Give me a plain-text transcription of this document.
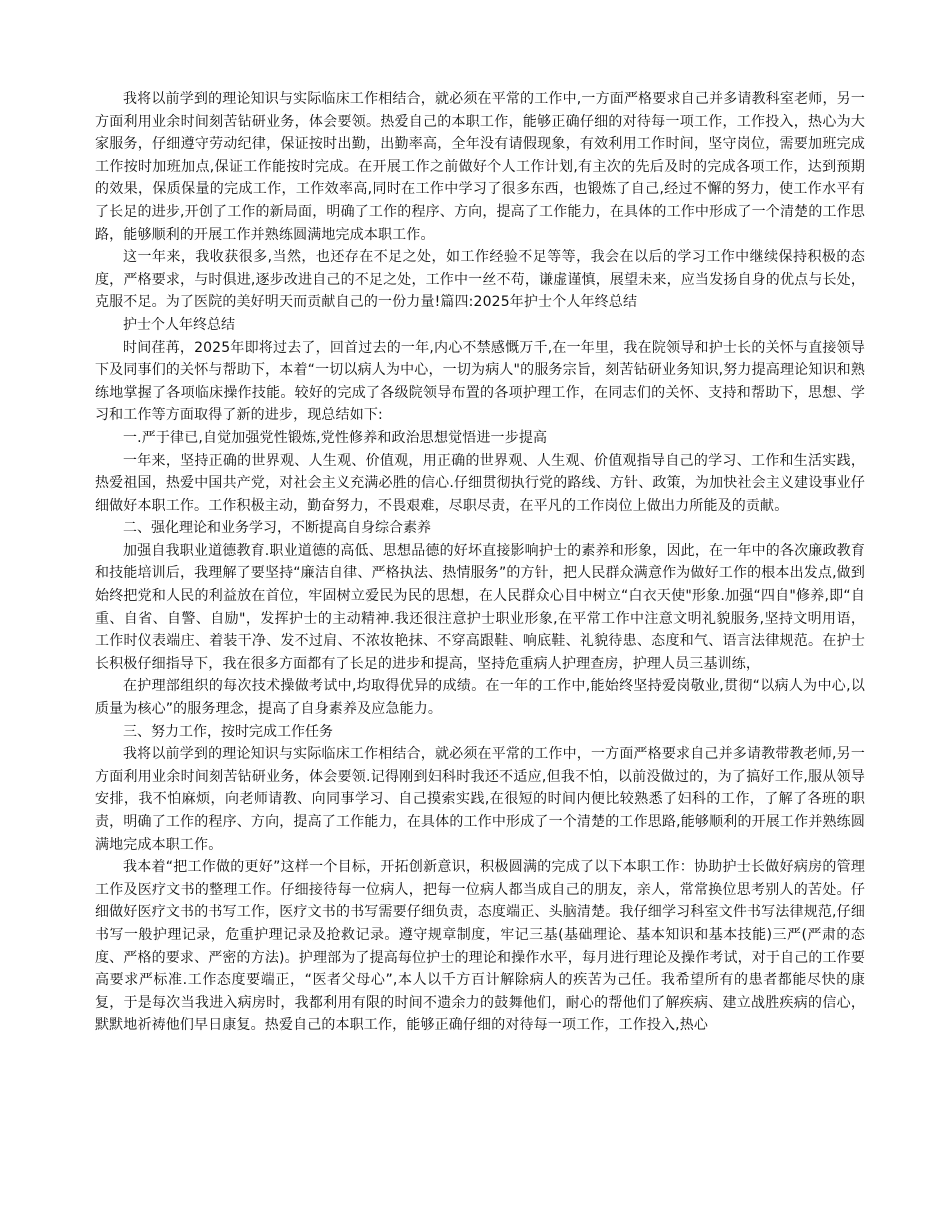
我将以前学到的理论知识与实际临床工作相结合，就必须在平常的工作中,一方面严格要求自己并多请教科室老师，另一方面利用业余时间刻苦钻研业务，体会要领。热爱自己的本职工作，能够正确仔细的对待每一项工作，工作投入，热心为大家服务，仔细遵守劳动纪律，保证按时出勤，出勤率高，全年没有请假现象，有效利用工作时间，坚守岗位，需要加班完成工作按时加班加点,保证工作能按时完成。在开展工作之前做好个人工作计划,有主次的先后及时的完成各项工作，达到预期的效果，保质保量的完成工作，工作效率高,同时在工作中学习了很多东西，也锻炼了自己,经过不懈的努力，使工作水平有了长足的进步,开创了工作的新局面，明确了工作的程序、方向，提高了工作能力，在具体的工作中形成了一个清楚的工作思路，能够顺利的开展工作并熟练圆满地完成本职工作。

这一年来，我收获很多,当然，也还存在不足之处，如工作经验不足等等，我会在以后的学习工作中继续保持积极的态度，严格要求，与时俱进,逐步改进自己的不足之处，工作中一丝不苟，谦虚谨慎，展望未来，应当发扬自身的优点与长处，克服不足。为了医院的美好明天而贡献自己的一份力量!篇四:2025年护士个人年终总结

护士个人年终总结

时间荏苒，2025年即将过去了，回首过去的一年,内心不禁感慨万千,在一年里，我在院领导和护士长的关怀与直接领导下及同事们的关怀与帮助下，本着“一切以病人为中心，一切为病人"的服务宗旨，刻苦钻研业务知识,努力提高理论知识和熟练地掌握了各项临床操作技能。较好的完成了各级院领导布置的各项护理工作，在同志们的关怀、支持和帮助下，思想、学习和工作等方面取得了新的进步，现总结如下:

一.严于律已,自觉加强党性锻炼,党性修养和政治思想觉悟进一步提高

一年来，坚持正确的世界观、人生观、价值观，用正确的世界观、人生观、价值观指导自己的学习、工作和生活实践，热爱祖国，热爱中国共产党，对社会主义充满必胜的信心.仔细贯彻执行党的路线、方针、政策，为加快社会主义建设事业仔细做好本职工作。工作积极主动，勤奋努力，不畏艰难，尽职尽责，在平凡的工作岗位上做出力所能及的贡献。

二、强化理论和业务学习，不断提高自身综合素养

加强自我职业道德教育.职业道德的高低、思想品德的好坏直接影响护士的素养和形象，因此，在一年中的各次廉政教育和技能培训后，我理解了要坚持“廉洁自律、严格执法、热情服务”的方针，把人民群众满意作为做好工作的根本出发点,做到始终把党和人民的利益放在首位，牢固树立爱民为民的思想，在人民群众心目中树立“白衣天使"形象.加强“四自"修养,即“自重、自省、自警、自励"，发挥护士的主动精神.我还很注意护士职业形象,在平常工作中注意文明礼貌服务,坚持文明用语，工作时仪表端庄、着装干净、发不过肩、不浓妆艳抹、不穿高跟鞋、响底鞋、礼貌待患、态度和气、语言法律规范。在护士长积极仔细指导下，我在很多方面都有了长足的进步和提高，坚持危重病人护理查房，护理人员三基训练，

在护理部组织的每次技术操做考试中,均取得优异的成绩。在一年的工作中,能始终坚持爱岗敬业,贯彻“以病人为中心,以质量为核心”的服务理念，提高了自身素养及应急能力。

三、努力工作，按时完成工作任务

我将以前学到的理论知识与实际临床工作相结合，就必须在平常的工作中，一方面严格要求自己并多请教带教老师,另一方面利用业余时间刻苦钻研业务，体会要领.记得刚到妇科时我还不适应,但我不怕，以前没做过的，为了搞好工作,服从领导安排，我不怕麻烦，向老师请教、向同事学习、自己摸索实践,在很短的时间内便比较熟悉了妇科的工作，了解了各班的职责，明确了工作的程序、方向，提高了工作能力，在具体的工作中形成了一个清楚的工作思路,能够顺利的开展工作并熟练圆满地完成本职工作。

我本着“把工作做的更好”这样一个目标，开拓创新意识，积极圆满的完成了以下本职工作：协助护士长做好病房的管理工作及医疗文书的整理工作。仔细接待每一位病人，把每一位病人都当成自己的朋友，亲人，常常换位思考别人的苦处。仔细做好医疗文书的书写工作，医疗文书的书写需要仔细负责，态度端正、头脑清楚。我仔细学习科室文件书写法律规范,仔细书写一般护理记录，危重护理记录及抢救记录。遵守规章制度，牢记三基(基础理论、基本知识和基本技能)三严(严肃的态度、严格的要求、严密的方法)。护理部为了提高每位护士的理论和操作水平，每月进行理论及操作考试，对于自己的工作要高要求严标准.工作态度要端正，“医者父母心”,本人以千方百计解除病人的疾苦为己任。我希望所有的患者都能尽快的康复，于是每次当我进入病房时，我都利用有限的时间不遗余力的鼓舞他们，耐心的帮他们了解疾病、建立战胜疾病的信心，默默地祈祷他们早日康复。热爱自己的本职工作，能够正确仔细的对待每一项工作，工作投入,热心
